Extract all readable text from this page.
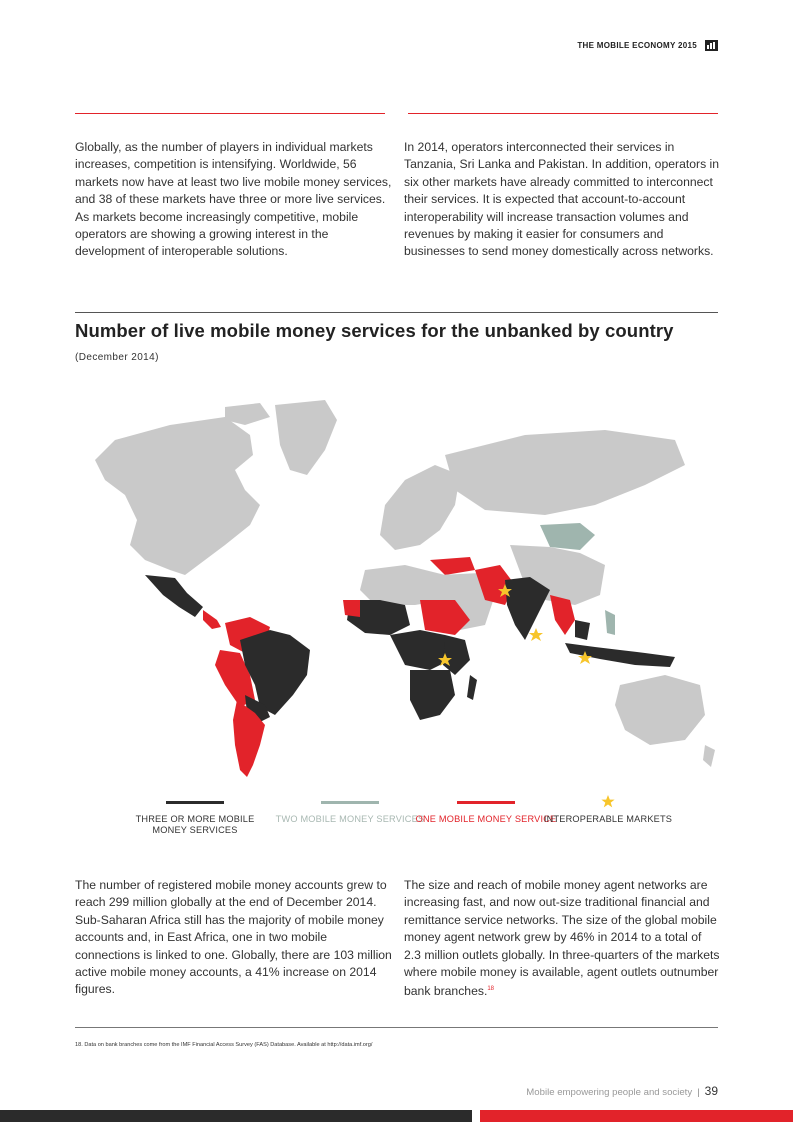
THE MOBILE ECONOMY 2015

Globally, as the number of players in individual markets increases, competition is intensifying. Worldwide, 56 markets now have at least two live mobile money services, and 38 of these markets have three or more live services. As markets become increasingly competitive, mobile operators are showing a growing interest in the development of interoperable solutions.

In 2014, operators interconnected their services in Tanzania, Sri Lanka and Pakistan. In addition, operators in six other markets have already committed to interconnect their services. It is expected that account-to-account interoperability will increase transaction volumes and revenues by making it easier for consumers and businesses to send money domestically across networks.

Number of live mobile money services for the unbanked by country
(December 2014)
THREE OR MORE MOBILE MONEY SERVICES
TWO MOBILE MONEY SERVICES
ONE MOBILE MONEY SERVICE
INTEROPERABLE MARKETS

The number of registered mobile money accounts grew to reach 299 million globally at the end of December 2014. Sub-Saharan Africa still has the majority of mobile money accounts and, in East Africa, one in two mobile connections is linked to one. Globally, there are 103 million active mobile money accounts, a 41% increase on 2014 figures.

The size and reach of mobile money agent networks are increasing fast, and now out-size traditional financial and remittance service networks. The size of the global mobile money agent network grew by 46% in 2014 to a total of 2.3 million outlets globally. In three-quarters of the markets where mobile money is available, agent outlets outnumber bank branches.$^{18}$

18. Data on bank branches come from the IMF Financial Access Survey (FAS) Database. Available at http://data.imf.org/
Mobile empowering people and society | 39
